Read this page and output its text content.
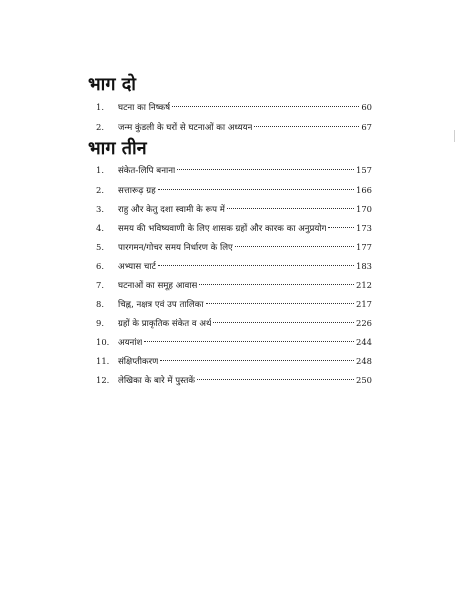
भाग दो
1.	घटना का निष्कर्ष	60
2.	जन्म कुंडली के घरों से घटनाओं का अध्ययन	67
भाग तीन
1.	संकेत-लिपि बनाना	157
2.	सत्तारूढ़ ग्रह	166
3.	राहु और केतु दशा स्वामी के रूप में	170
4.	समय की भविष्यवाणी के लिए शासक ग्रहों और कारक का अनुप्रयोग	173
5.	पारगमन/गोचर समय निर्धारण के लिए	177
6.	अभ्यास चार्ट	183
7.	घटनाओं का समूह आवास	212
8.	चिह्न, नक्षत्र एवं उप तालिका	217
9.	ग्रहों के प्राकृतिक संकेत व अर्थ	226
10.	अयनांश	244
11.	संक्षिप्तीकरण	248
12.	लेखिका के बारे में पुस्तकें	250
